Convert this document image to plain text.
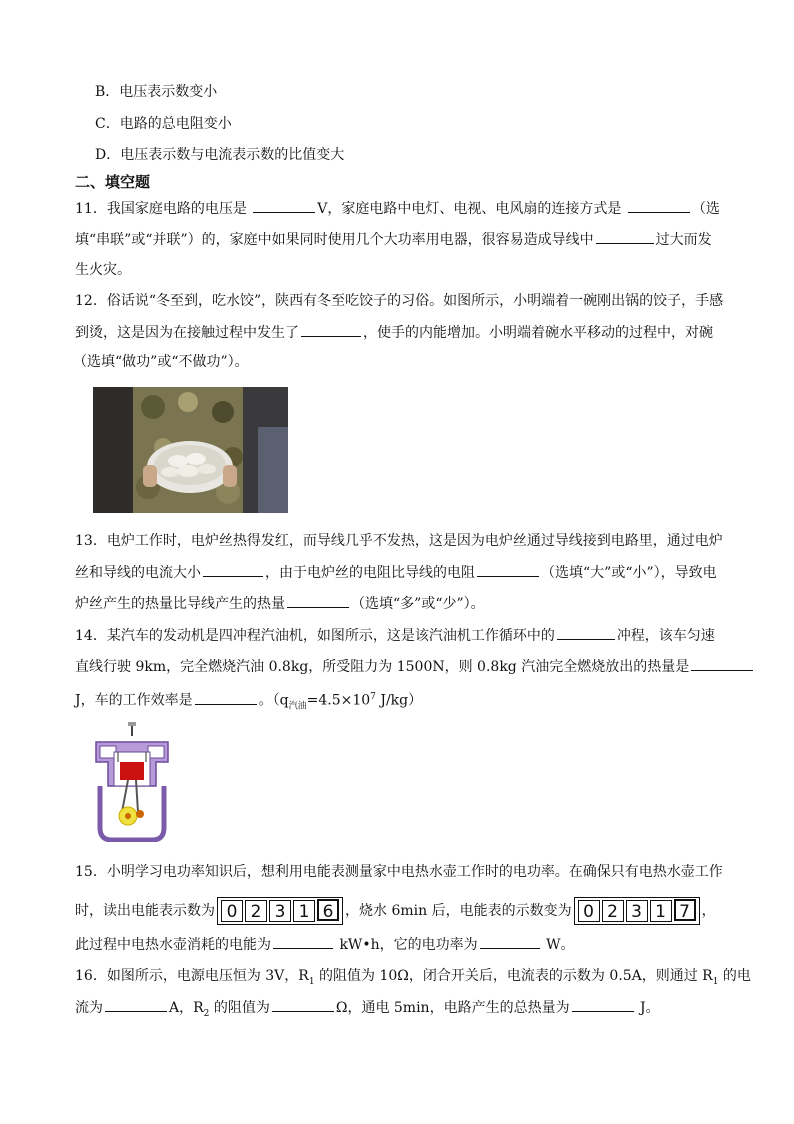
B．电压表示数变小
C．电路的总电阻变小
D．电压表示数与电流表示数的比值变大
二、填空题
11．我国家庭电路的电压是	V，家庭电路中电灯、电视、电风扇的连接方式是	（选
填“串联”或“并联”）的，家庭中如果同时使用几个大功率用电器，很容易造成导线中	过大而发
生火灾。
12．俗话说“冬至到，吃水饺”，陕西有冬至吃饺子的习俗。如图所示，小明端着一碗刚出锅的饺子，手感
到烫，这是因为在接触过程中发生了	，使手的内能增加。小明端着碗水平移动的过程中，对碗
（选填“做功”或“不做功”）。
13．电炉工作时，电炉丝热得发红，而导线几乎不发热，这是因为电炉丝通过导线接到电路里，通过电炉
丝和导线的电流大小	，由于电炉丝的电阻比导线的电阻	（选填“大”或“小”），导致电
炉丝产生的热量比导线产生的热量	（选填“多”或“少”）。
14．某汽车的发动机是四冲程汽油机，如图所示，这是该汽油机工作循环中的	冲程，该车匀速
直线行驶 9km，完全燃烧汽油 0.8kg，所受阻力为 1500N，则 0.8kg 汽油完全燃烧放出的热量是
J，车的工作效率是	。（$q_{汽油}=4.5\times 10^7$ J/kg）
15．小明学习电功率知识后，想利用电能表测量家中电热水壶工作时的电功率。在确保只有电热水壶工作
时，读出电能表示数为 0 2 3 1 6 ，烧水 6min 后，电能表的示数变为 0 2 3 1 7 ，
此过程中电热水壶消耗的电能为	kW•h，它的电功率为	W。
16．如图所示，电源电压恒为 3V，$R_1$ 的阻值为 10Ω，闭合开关后，电流表的示数为 0.5A，则通过 $R_1$ 的电
流为	A，$R_2$ 的阻值为	Ω，通电 5min，电路产生的总热量为	J。
